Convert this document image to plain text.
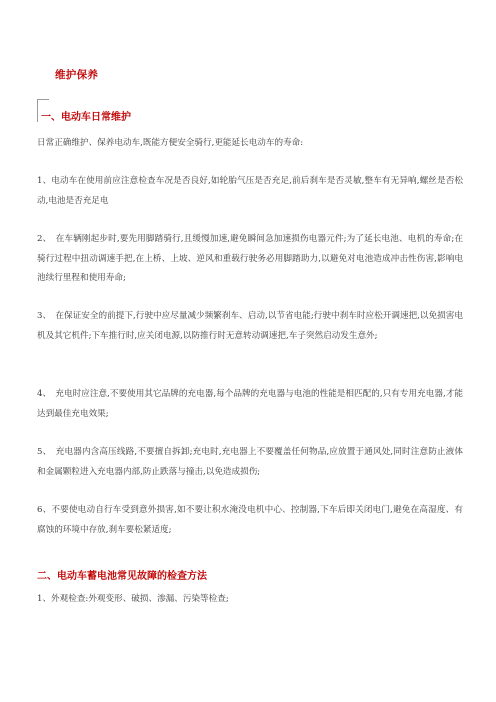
维护保养
一、电动车日常维护
日常正确维护、保养电动车,既能方便安全骑行,更能延长电动车的寿命:
1、电动车在使用前应注意检查车况是否良好,如轮胎气压是否充足,前后刹车是否灵敏,整车有无异响,螺丝是否松动,电池是否充足电
2、　在车辆刚起步时,要先用脚踏骑行,且缓慢加速,避免瞬间急加速损伤电器元件;为了延长电池、电机的寿命;在骑行过程中扭动调速手把,在上桥、上坡、逆风和重载行驶务必用脚踏助力,以避免对电池造成冲击性伤害,影响电池续行里程和使用寿命;
3、　在保证安全的前提下,行驶中应尽量减少频繁刹车、启动,以节省电能;行驶中刹车时应松开调速把,以免损害电机及其它机件;下车推行时,应关闭电源,以防推行时无意转动调速把,车子突然启动发生意外;
4、　充电时应注意,不要使用其它品牌的充电器,每个品牌的充电器与电池的性能是相匹配的,只有专用充电器,才能达到最佳充电效果;
5、　充电器内含高压线路,不要擅自拆卸;充电时,充电器上不要覆盖任何物品,应放置于通风处,同时注意防止液体和金属颗粒进入充电器内部,防止跌落与撞击,以免造成损伤;
6、不要使电动自行车受到意外损害,如不要让积水淹没电机中心、控制器,下车后即关闭电门,避免在高湿度、有腐蚀的环境中存放,刹车要松紧适度;
二、电动车蓄电池常见故障的检查方法
1、外观检查:外观变形、破损、渗漏、污染等检查;
